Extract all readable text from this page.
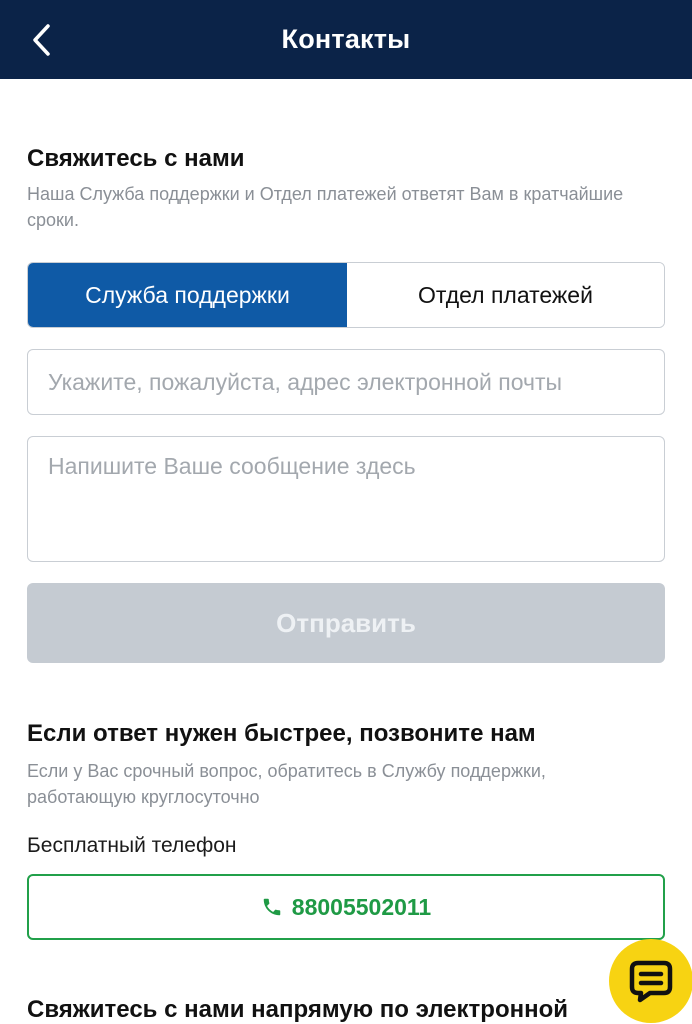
Контакты
Свяжитесь с нами
Наша Служба поддержки и Отдел платежей ответят Вам в кратчайшие сроки.
Служба поддержки	Отдел платежей
Укажите, пожалуйста, адрес электронной почты
Напишите Ваше сообщение здесь
Отправить
Если ответ нужен быстрее, позвоните нам
Если у Вас срочный вопрос, обратитесь в Службу поддержки, работающую круглосуточно
Бесплатный телефон
88005502011
Свяжитесь с нами напрямую по электронной
